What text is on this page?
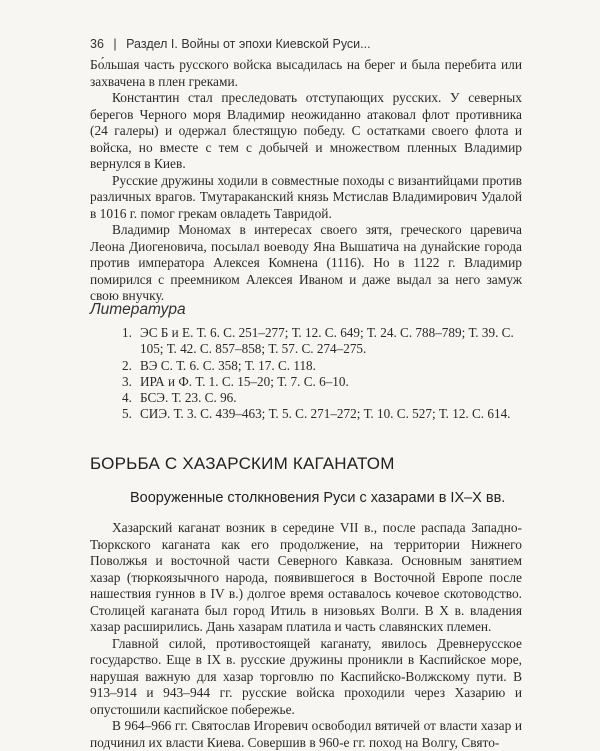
36 | Раздел I. Войны от эпохи Киевской Руси...

Бо́льшая часть русского войска высадилась на берег и была перебита или захвачена в плен греками.

Константин стал преследовать отступающих русских. У северных берегов Черного моря Владимир неожиданно атаковал флот противника (24 галеры) и одержал блестящую победу. С остатками своего флота и войска, но вместе с тем с добычей и множеством пленных Владимир вернулся в Киев.

Русские дружины ходили в совместные походы с византийцами против различных врагов. Тмутараканский князь Мстислав Владимирович Удалой в 1016 г. помог грекам овладеть Тавридой.

Владимир Мономах в интересах своего зятя, греческого царевича Леона Диогеновича, посылал воеводу Яна Вышатича на дунайские города против императора Алексея Комнена (1116). Но в 1122 г. Владимир помирился с преемником Алексея Иваном и даже выдал за него замуж свою внучку.

Литература
1. ЭС Б и Е. Т. 6. С. 251–277; Т. 12. С. 649; Т. 24. С. 788–789; Т. 39. С. 105; Т. 42. С. 857–858; Т. 57. С. 274–275.
2. ВЭ С. Т. 6. С. 358; Т. 17. С. 118.
3. ИРА и Ф. Т. 1. С. 15–20; Т. 7. С. 6–10.
4. БСЭ. Т. 23. С. 96.
5. СИЭ. Т. 3. С. 439–463; Т. 5. С. 271–272; Т. 10. С. 527; Т. 12. С. 614.
БОРЬБА С ХАЗАРСКИМ КАГАНАТОМ
Вооруженные столкновения Руси с хазарами в IX–X вв.

Хазарский каганат возник в середине VII в., после распада Западно-Тюркского каганата как его продолжение, на территории Нижнего Поволжья и восточной части Северного Кавказа. Основным занятием хазар (тюркоязычного народа, появившегося в Восточной Европе после нашествия гуннов в IV в.) долгое время оставалось кочевое скотоводство. Столицей каганата был город Итиль в низовьях Волги. В X в. владения хазар расширились. Дань хазарам платила и часть славянских племен.

Главной силой, противостоящей каганату, явилось Древнерусское государство. Еще в IX в. русские дружины проникли в Каспийское море, нарушая важную для хазар торговлю по Каспийско-Волжскому пути. В 913–914 и 943–944 гг. русские войска проходили через Хазарию и опустошили каспийское побережье.

В 964–966 гг. Святослав Игоревич освободил вятичей от власти хазар и подчинил их власти Киева. Совершив в 960-е гг. поход на Волгу, Свято-
